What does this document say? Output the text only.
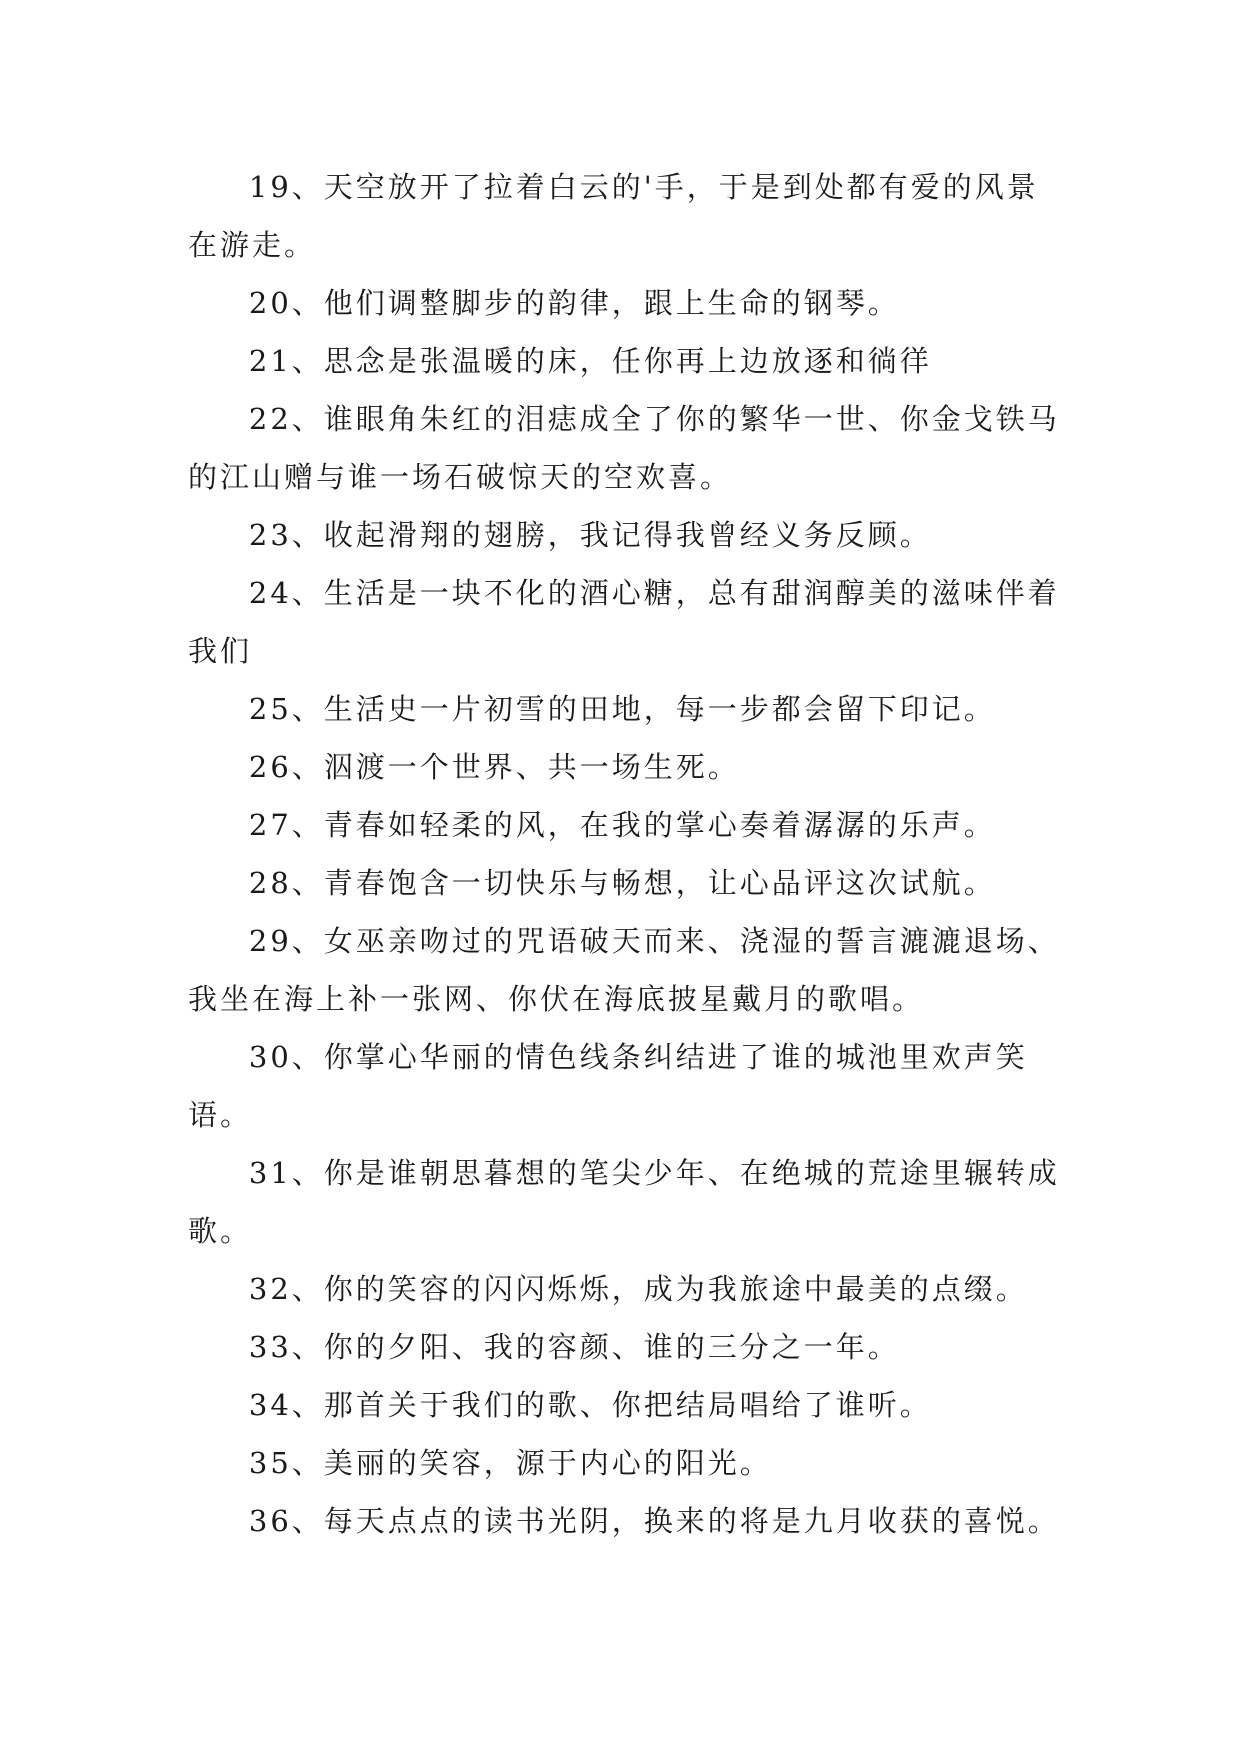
19、天空放开了拉着白云的'手，于是到处都有爱的风景在游走。

20、他们调整脚步的韵律，跟上生命的钢琴。

21、思念是张温暖的床，任你再上边放逐和徜徉

22、谁眼角朱红的泪痣成全了你的繁华一世、你金戈铁马的江山赠与谁一场石破惊天的空欢喜。

23、收起滑翔的翅膀，我记得我曾经义务反顾。

24、生活是一块不化的酒心糖，总有甜润醇美的滋味伴着我们

25、生活史一片初雪的田地，每一步都会留下印记。

26、泅渡一个世界、共一场生死。

27、青春如轻柔的风，在我的掌心奏着潺潺的乐声。

28、青春饱含一切快乐与畅想，让心品评这次试航。

29、女巫亲吻过的咒语破天而来、浇湿的誓言漉漉退场、我坐在海上补一张网、你伏在海底披星戴月的歌唱。

30、你掌心华丽的情色线条纠结进了谁的城池里欢声笑语。

31、你是谁朝思暮想的笔尖少年、在绝城的荒途里辗转成歌。

32、你的笑容的闪闪烁烁，成为我旅途中最美的点缀。

33、你的夕阳、我的容颜、谁的三分之一年。

34、那首关于我们的歌、你把结局唱给了谁听。

35、美丽的笑容，源于内心的阳光。

36、每天点点的读书光阴，换来的将是九月收获的喜悦。
